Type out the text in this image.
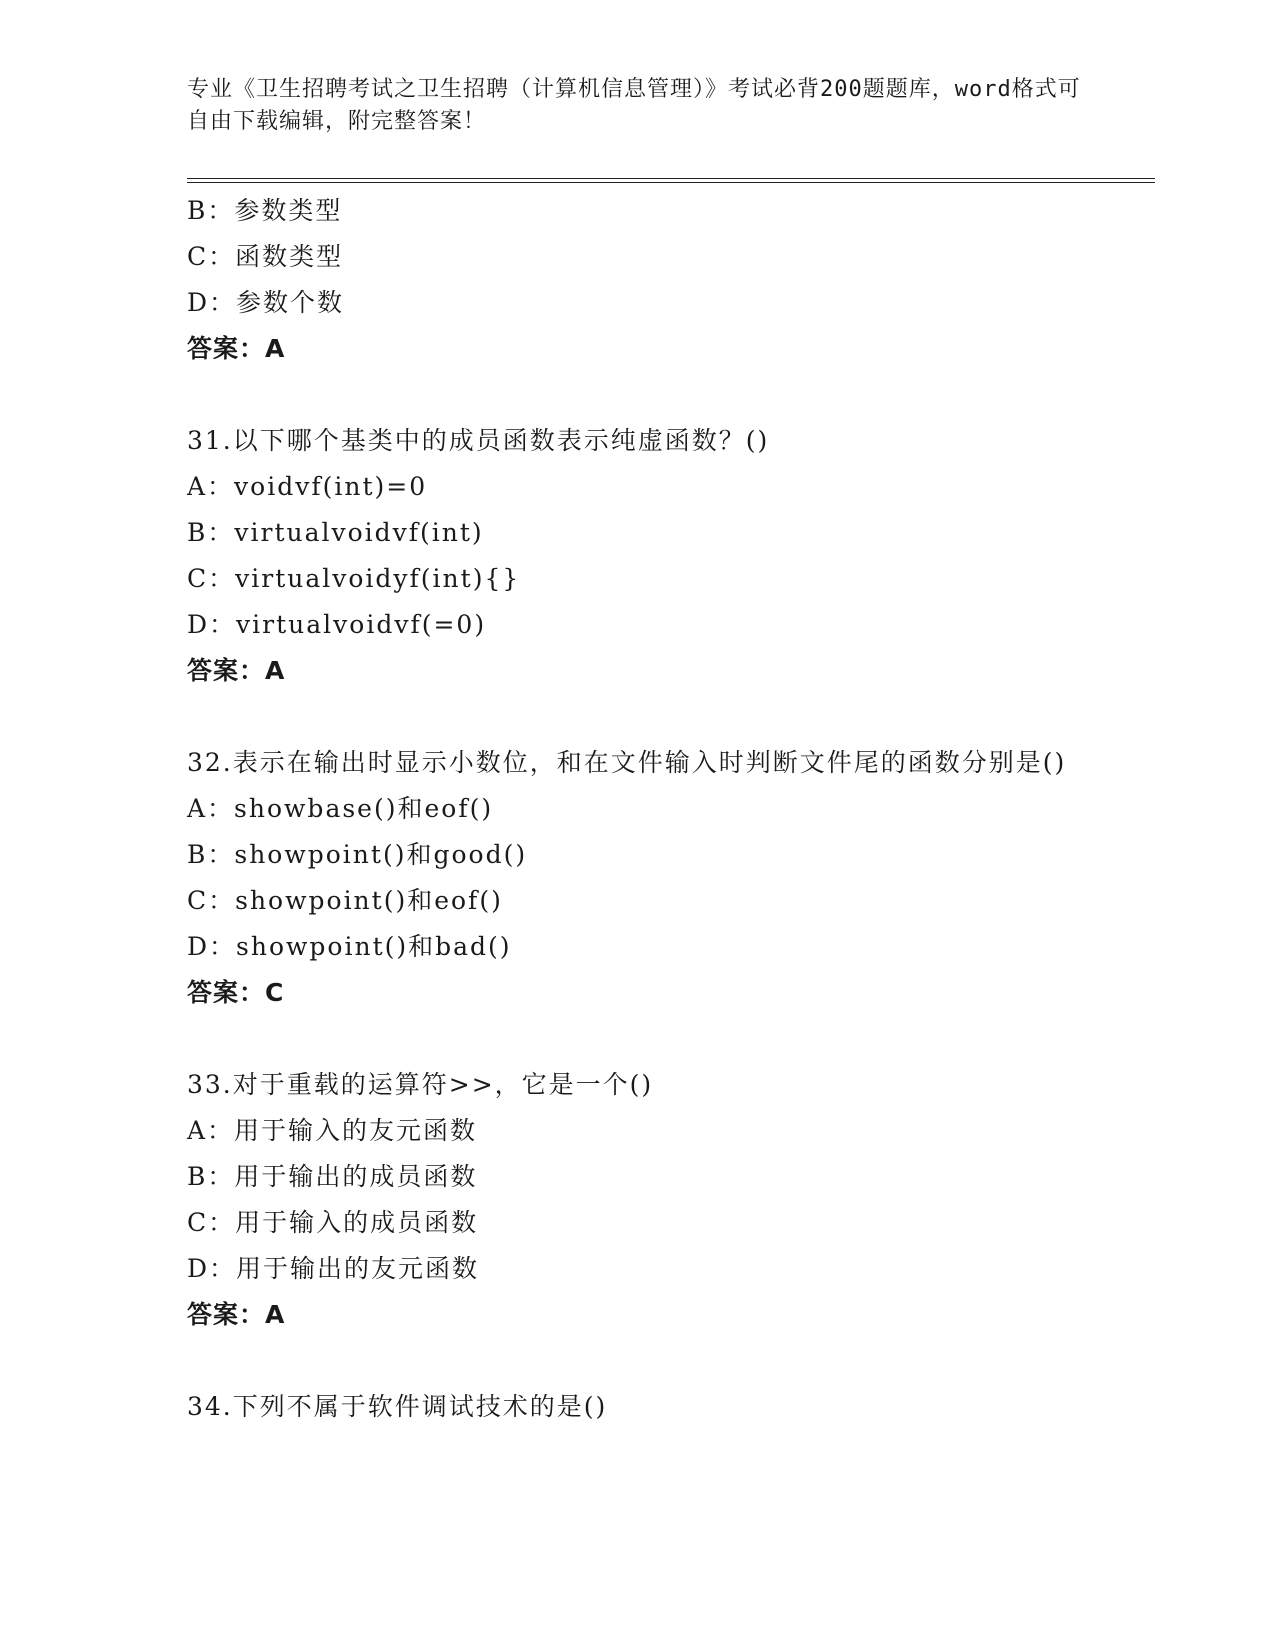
专业《卫生招聘考试之卫生招聘（计算机信息管理）》考试必背200题题库，word格式可自由下载编辑，附完整答案！
B：参数类型
C：函数类型
D：参数个数
答案：A
31.以下哪个基类中的成员函数表示纯虚函数？()
A：voidvf(int)=0
B：virtualvoidvf(int)
C：virtualvoidyf(int){}
D：virtualvoidvf(=0)
答案：A
32.表示在输出时显示小数位，和在文件输入时判断文件尾的函数分别是()
A：showbase()和eof()
B：showpoint()和good()
C：showpoint()和eof()
D：showpoint()和bad()
答案：C
33.对于重载的运算符>>，它是一个()
A：用于输入的友元函数
B：用于输出的成员函数
C：用于输入的成员函数
D：用于输出的友元函数
答案：A
34.下列不属于软件调试技术的是()
